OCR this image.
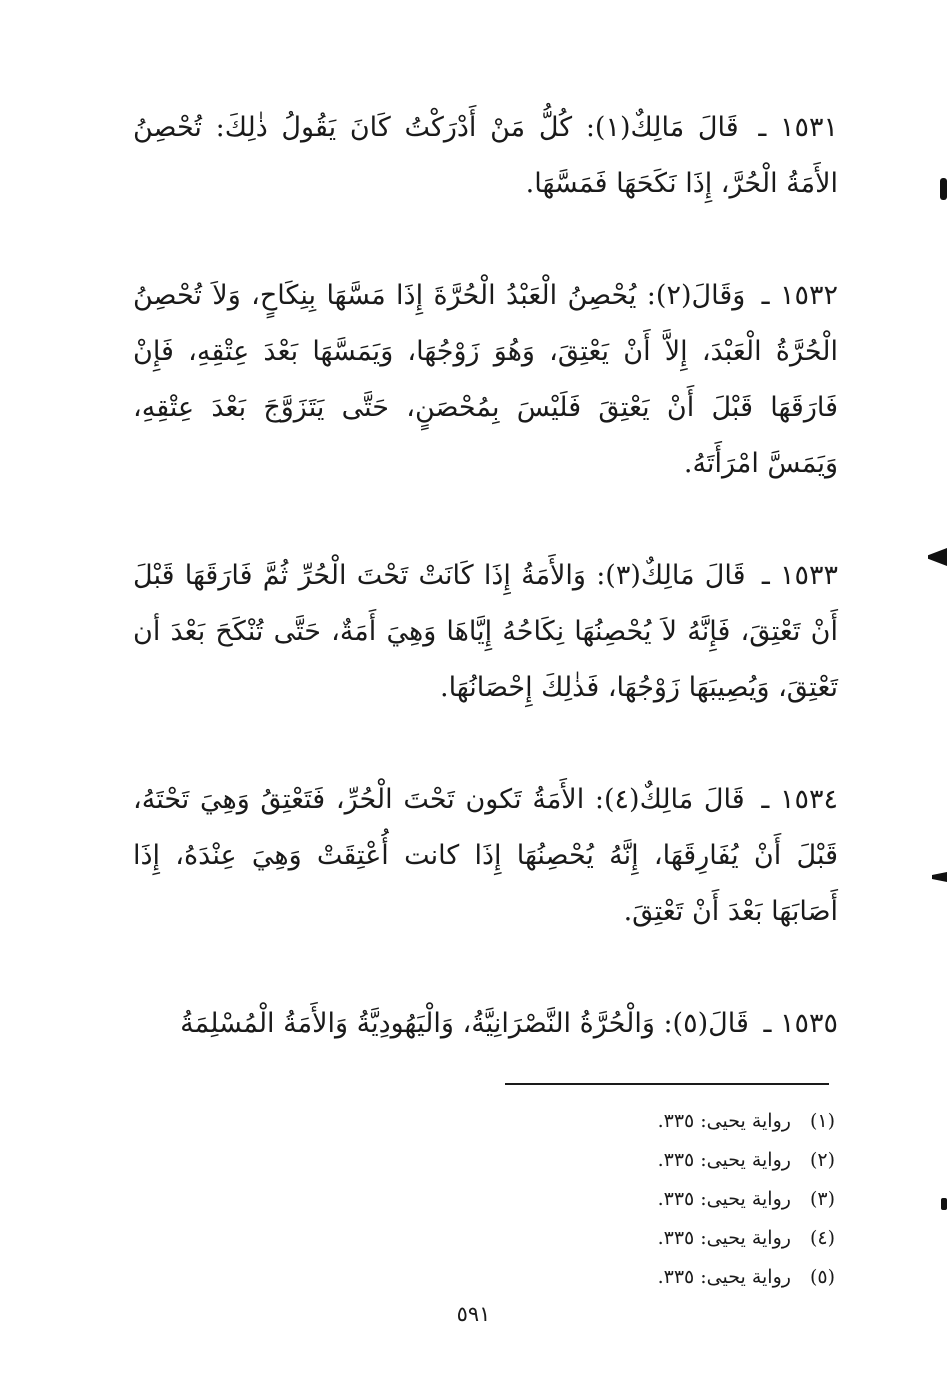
١٥٣١ ـ قَالَ مَالِكٌ(١): كُلُّ مَنْ أَدْرَكْتُ كَانَ يَقُولُ ذٰلِكَ: تُحْصِنُ الأَمَةُ الْحُرَّ، إِذَا نَكَحَهَا فَمَسَّهَا.

١٥٣٢ ـ وَقَالَ(٢): يُحْصِنُ الْعَبْدُ الْحُرَّةَ إِذَا مَسَّهَا بِنِكَاحٍ، وَلاَ تُحْصِنُ الْحُرَّةُ الْعَبْدَ، إِلاَّ أَنْ يَعْتِقَ، وَهُوَ زَوْجُهَا، وَيَمَسَّهَا بَعْدَ عِتْقِهِ، فَإِنْ فَارَقَهَا قَبْلَ أَنْ يَعْتِقَ فَلَيْسَ بِمُحْصَنٍ، حَتَّى يَتَزَوَّجَ بَعْدَ عِتْقِهِ، وَيَمَسَّ امْرَأَتَهُ.

١٥٣٣ ـ قَالَ مَالِكٌ(٣): وَالأَمَةُ إِذَا كَانَتْ تَحْتَ الْحُرِّ ثُمَّ فَارَقَهَا قَبْلَ أَنْ تَعْتِقَ، فَإِنَّهُ لاَ يُحْصِنُهَا نِكَاحُهُ إِيَّاهَا وَهِيَ أَمَةٌ، حَتَّى تُنْكَحَ بَعْدَ أن تَعْتِقَ، وَيُصِيبَهَا زَوْجُهَا، فَذٰلِكَ إِحْصَانُهَا.

١٥٣٤ ـ قَالَ مَالِكٌ(٤): الأَمَةُ تَكون تَحْتَ الْحُرِّ، فَتَعْتِقُ وَهِيَ تَحْتَهُ، قَبْلَ أَنْ يُفَارِقَهَا، إِنَّهُ يُحْصِنُهَا إِذَا كانت أُعْتِقَتْ وَهِيَ عِنْدَهُ، إِذَا أَصَابَهَا بَعْدَ أَنْ تَعْتِقَ.

١٥٣٥ ـ قَالَ(٥): وَالْحُرَّةُ النَّصْرَانِيَّةُ، وَالْيَهُودِيَّةُ وَالأَمَةُ الْمُسْلِمَةُ

(١) رواية يحيى: ٣٣٥.
(٢) رواية يحيى: ٣٣٥.
(٣) رواية يحيى: ٣٣٥.
(٤) رواية يحيى: ٣٣٥.
(٥) رواية يحيى: ٣٣٥.
٥٩١
